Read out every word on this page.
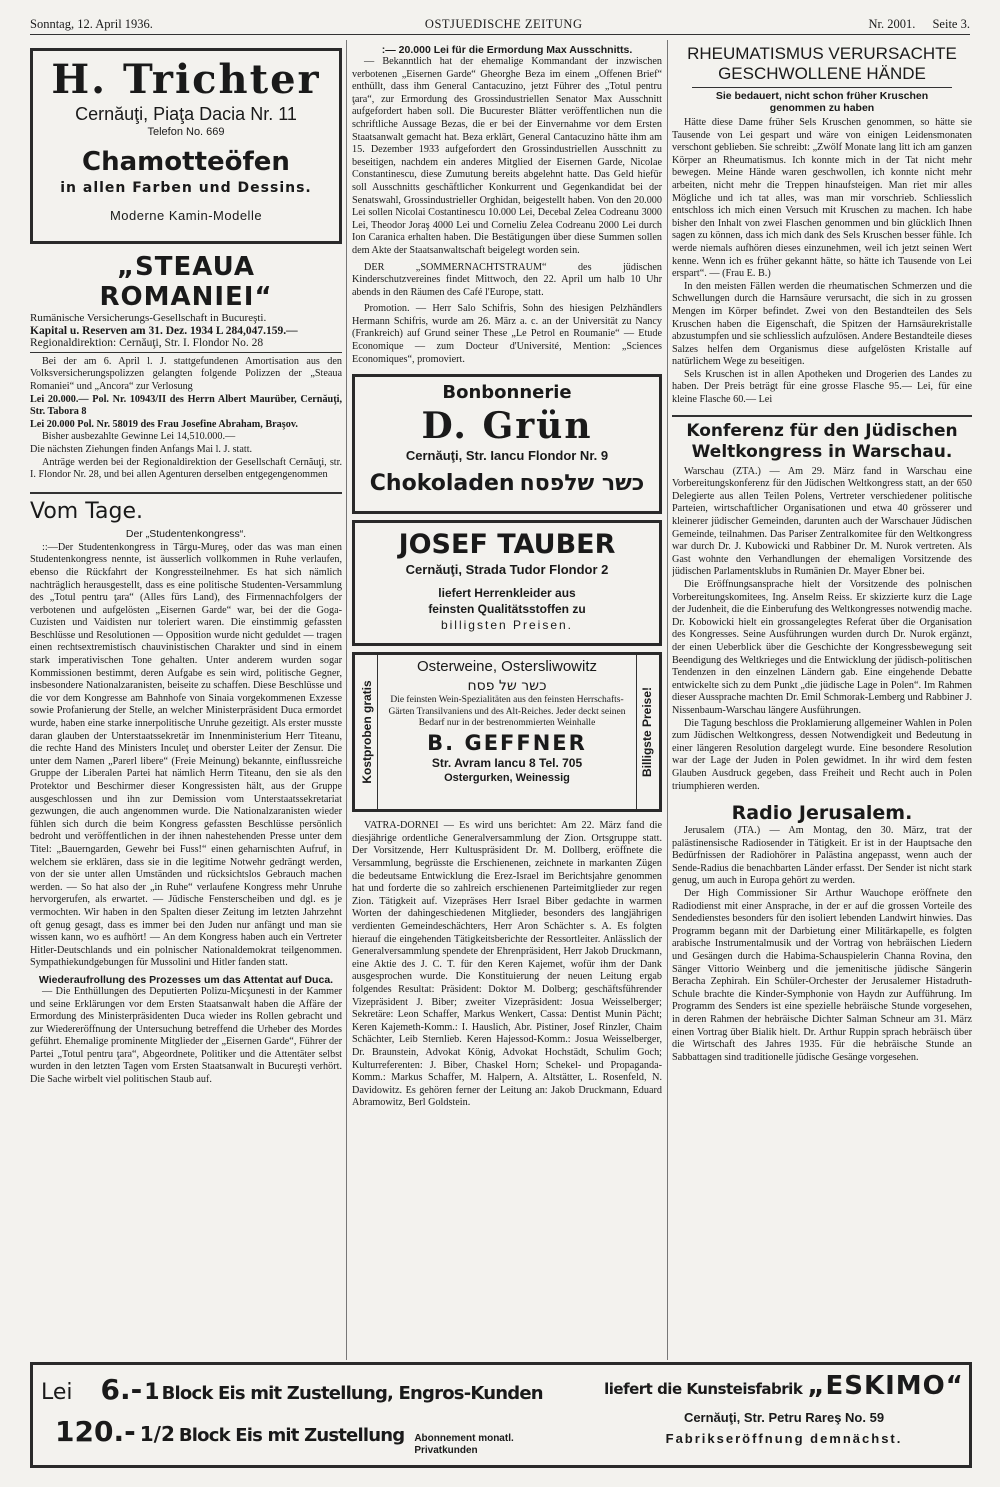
Sonntag, 12. April 1936.	OSTJUEDISCHE ZEITUNG	Nr. 2001. Seite 3.
H. Trichter
Cernăuţi, Piaţa Dacia Nr. 11
Telefon No. 669
Chamotteöfen
in allen Farben und Dessins.
Moderne Kamin-Modelle
„STEAUA ROMANIEI“

Rumänische Versicherungs-Gesellschaft in Bucureşti.

Kapital u. Reserven am 31. Dez. 1934 L 284,047.159.—

Regionaldirektion: Cernăuţi, Str. I. Flondor No. 28

Bei der am 6. April l. J. stattgefundenen Amortisation aus den Volksversicherungspolizzen gelangten folgende Polizzen der „Steaua Romaniei“ und „Ancora“ zur Verlosung

Lei 20.000.— Pol. Nr. 10943/II des Herrn Albert Maurüber, Cernăuţi, Str. Tabora 8

Lei 20.000 Pol. Nr. 58019 des Frau Josefine Abraham, Braşov.

Bisher ausbezahlte Gewinne Lei 14,510.000.—

Die nächsten Ziehungen finden Anfangs Mai l. J. statt.

Anträge werden bei der Regionaldirektion der Gesellschaft Cernăuţi, str. I. Flondor Nr. 28, und bei allen Agenturen derselben entgegengenommen

Vom Tage.
Der „Studentenkongress“.

::—Der Studentenkongress in Târgu-Mureş, oder das was man einen Studentenkongress nennte, ist äusserlich vollkommen in Ruhe verlaufen, ebenso die Rückfahrt der Kongressteilnehmer. Es hat sich nämlich nachträglich herausgestellt, dass es eine politische Studenten-Versammlung des „Totul pentru ţara“ (Alles fürs Land), des Firmennachfolgers der verbotenen und aufgelösten „Eisernen Garde“ war, bei der die Goga-Cuzisten und Vaidisten nur toleriert waren. Die einstimmig gefassten Beschlüsse und Resolutionen — Opposition wurde nicht geduldet — tragen einen rechtsextremistisch chauvinistischen Charakter und sind in einem stark imperativischen Tone gehalten. Unter anderem wurden sogar Kommissionen bestimmt, deren Aufgabe es sein wird, politische Gegner, insbesondere Nationalzaranisten, beiseite zu schaffen. Diese Beschlüsse und die vor dem Kongresse am Bahnhofe von Sinaia vorgekommenen Exzesse sowie Profanierung der Stelle, an welcher Ministerpräsident Duca ermordet wurde, haben eine starke innerpolitische Unruhe gezeitigt. Als erster musste daran glauben der Unterstaatssekretär im Innenministerium Herr Titeanu, die rechte Hand des Ministers Inculeţ und oberster Leiter der Zensur. Die unter dem Namen „Parerl libere“ (Freie Meinung) bekannte, einflussreiche Gruppe der Liberalen Partei hat nämlich Herrn Titeanu, den sie als den Protektor und Beschirmer dieser Kongressisten hält, aus der Gruppe ausgeschlossen und ihn zur Demission vom Unterstaatssekretariat gezwungen, die auch angenommen wurde. Die Nationalzaranisten wieder fühlen sich durch die beim Kongress gefassten Beschlüsse persönlich bedroht und veröffentlichen in der ihnen nahestehenden Presse unter dem Titel: „Bauerngarden, Gewehr bei Fuss!“ einen geharnischten Aufruf, in welchem sie erklären, dass sie in die legitime Notwehr gedrängt werden, von der sie unter allen Umständen und rücksichtslos Gebrauch machen werden. — So hat also der „in Ruhe“ verlaufene Kongress mehr Unruhe hervorgerufen, als erwartet. — Jüdische Fensterscheiben und dgl. es je vermochten. Wir haben in den Spalten dieser Zeitung im letzten Jahrzehnt oft genug gesagt, dass es immer bei den Juden nur anfängt und man sie wissen kann, wo es aufhört! — An dem Kongress haben auch ein Vertreter Hitler-Deutschlands und ein polnischer Nationaldemokrat teilgenommen. Sympathiekundgebungen für Mussolini und Hitler fanden statt.

Wiederaufrollung des Prozesses um das Attentat auf Duca.

— Die Enthüllungen des Deputierten Polizu-Micşunesti in der Kammer und seine Erklärungen vor dem Ersten Staatsanwalt haben die Affäre der Ermordung des Ministerpräsidenten Duca wieder ins Rollen gebracht und zur Wiedereröffnung der Untersuchung betreffend die Urheber des Mordes geführt. Ehemalige prominente Mitglieder der „Eisernen Garde“, Führer der Partei „Totul pentru ţara“, Abgeordnete, Politiker und die Attentäter selbst wurden in den letzten Tagen vom Ersten Staatsanwalt in Bucureşti verhört. Die Sache wirbelt viel politischen Staub auf.

:— 20.000 Lei für die Ermordung Max Ausschnitts.

— Bekanntlich hat der ehemalige Kommandant der inzwischen verbotenen „Eisernen Garde“ Gheorghe Beza im einem „Offenen Brief“ enthüllt, dass ihm General Cantacuzino, jetzt Führer des „Totul pentru ţara“, zur Ermordung des Grossindustriellen Senator Max Ausschnitt aufgefordert haben soll. Die Bucurester Blätter veröffentlichen nun die schriftliche Aussage Bezas, die er bei der Einvernahme vor dem Ersten Staatsanwalt gemacht hat. Beza erklärt, General Cantacuzino hätte ihm am 15. Dezember 1933 aufgefordert den Grossindustriellen Ausschnitt zu beseitigen, nachdem ein anderes Mitglied der Eisernen Garde, Nicolae Constantinescu, diese Zumutung bereits abgelehnt hatte. Das Geld hiefür soll Ausschnitts geschäftlicher Konkurrent und Gegenkandidat bei der Senatswahl, Grossindustrieller Orghidan, beigestellt haben. Von den 20.000 Lei sollen Nicolai Costantinescu 10.000 Lei, Decebal Zelea Codreanu 3000 Lei, Theodor Joraş 4000 Lei und Corneliu Zelea Codreanu 2000 Lei durch Ion Caranica erhalten haben. Die Bestätigungen über diese Summen sollen dem Akte der Staatsanwaltschaft beigelegt worden sein.

DER „SOMMERNACHTSTRAUM“ des jüdischen Kinderschutzvereines findet Mittwoch, den 22. April um halb 10 Uhr abends in den Räumen des Café l'Europe, statt.

Promotion. — Herr Salo Schifris, Sohn des hiesigen Pelzhändlers Hermann Schifris, wurde am 26. März a. c. an der Universität zu Nancy (Frankreich) auf Grund seiner These „Le Petrol en Roumanie“ — Etude Economique — zum Docteur d'Université, Mention: „Sciences Economiques“, promoviert.

Bonbonnerie
D. Grün
Cernăuţi, Str. Iancu Flondor Nr. 9
Chokoladen כשר שלפסח
JOSEF TAUBER
Cernăuţi, Strada Tudor Flondor 2
liefert Herrenkleider aus
feinsten Qualitätsstoffen zu
billigsten Preisen.
Kostproben gratis	Billigste Preise!
Osterweine, Ostersliwowitz
כשר של פסח

Die feinsten Wein-Spezialitäten aus den feinsten Herrschafts-Gärten Transilvaniens und des Alt-Reiches. Jeder deckt seinen Bedarf nur in der bestrenommierten Weinhalle

B. GEFFNER
Str. Avram Iancu 8 Tel. 705
Ostergurken, Weinessig

VATRA-DORNEI — Es wird uns berichtet: Am 22. März fand die diesjährige ordentliche Generalversammlung der Zion. Ortsgruppe statt. Der Vorsitzende, Herr Kultuspräsident Dr. M. Dollberg, eröffnete die Versammlung, begrüsste die Erschienenen, zeichnete in markanten Zügen die bedeutsame Entwicklung die Erez-Israel im Berichtsjahre genommen hat und forderte die so zahlreich erschienenen Parteimitglieder zur regen Zion. Tätigkeit auf. Vizepräses Herr Israel Biber gedachte in warmen Worten der dahingeschiedenen Mitglieder, besonders des langjährigen verdienten Gemeindeschächters, Herr Aron Schächter s. A. Es folgten hierauf die eingehenden Tätigkeitsberichte der Ressortleiter. Anlässlich der Generalversammlung spendete der Ehrenpräsident, Herr Jakob Druckmann, eine Aktie des J. C. T. für den Keren Kajemet, wofür ihm der Dank ausgesprochen wurde. Die Konstituierung der neuen Leitung ergab folgendes Resultat: Präsident: Doktor M. Dolberg; geschäftsführender Vizepräsident J. Biber; zweiter Vizepräsident: Josua Weisselberger; Sekretäre: Leon Schaffer, Markus Wenkert, Cassa: Dentist Munin Pächt; Keren Kajemeth-Komm.: I. Hauslich, Abr. Pistiner, Josef Rinzler, Chaim Schächter, Leib Sternlieb. Keren Hajessod-Komm.: Josua Weisselberger, Dr. Braunstein, Advokat König, Advokat Hochstädt, Schulim Goch; Kulturreferenten: J. Biber, Chaskel Horn; Schekel- und Propaganda-Komm.: Markus Schaffer, M. Halpern, A. Altstätter, L. Rosenfeld, N. Davidowitz. Es gehören ferner der Leitung an: Jakob Druckmann, Eduard Abramowitz, Berl Goldstein.

RHEUMATISMUS VERURSACHTE GESCHWOLLENE HÄNDE
Sie bedauert, nicht schon früher Kruschen genommen zu haben

Hätte diese Dame früher Sels Kruschen genommen, so hätte sie Tausende von Lei gespart und wäre von einigen Leidensmonaten verschont geblieben. Sie schreibt: „Zwölf Monate lang litt ich am ganzen Körper an Rheumatismus. Ich konnte mich in der Tat nicht mehr bewegen. Meine Hände waren geschwollen, ich konnte nicht mehr arbeiten, nicht mehr die Treppen hinaufsteigen. Man riet mir alles Mögliche und ich tat alles, was man mir vorschrieb. Schliesslich entschloss ich mich einen Versuch mit Kruschen zu machen. Ich habe bisher den Inhalt von zwei Flaschen genommen und bin glücklich Ihnen sagen zu können, dass ich mich dank des Sels Kruschen besser fühle. Ich werde niemals aufhören dieses einzunehmen, weil ich jetzt seinen Wert kenne. Wenn ich es früher gekannt hätte, so hätte ich Tausende von Lei erspart“. — (Frau E. B.)

In den meisten Fällen werden die rheumatischen Schmerzen und die Schwellungen durch die Harnsäure verursacht, die sich in zu grossen Mengen im Körper befindet. Zwei von den Bestandteilen des Sels Kruschen haben die Eigenschaft, die Spitzen der Harnsäurekristalle abzustumpfen und sie schliesslich aufzulösen. Andere Bestandteile dieses Salzes helfen dem Organismus diese aufgelösten Kristalle auf natürlichem Wege zu beseitigen.

Sels Kruschen ist in allen Apotheken und Drogerien des Landes zu haben. Der Preis beträgt für eine grosse Flasche 95.— Lei, für eine kleine Flasche 60.— Lei

Konferenz für den Jüdischen Weltkongress in Warschau.

Warschau (ZTA.) — Am 29. März fand in Warschau eine Vorbereitungskonferenz für den Jüdischen Weltkongress statt, an der 650 Delegierte aus allen Teilen Polens, Vertreter verschiedener politische Parteien, wirtschaftlicher Organisationen und etwa 40 grösserer und kleinerer jüdischer Gemeinden, darunten auch der Warschauer Jüdischen Gemeinde, teilnahmen. Das Pariser Zentralkomitee für den Weltkongress war durch Dr. J. Kubowicki und Rabbiner Dr. M. Nurok vertreten. Als Gast wohnte den Verhandlungen der ehemaligen Vorsitzende des jüdischen Parlamentsklubs in Rumänien Dr. Mayer Ebner bei.

Die Eröffnungsansprache hielt der Vorsitzende des polnischen Vorbereitungskomitees, Ing. Anselm Reiss. Er skizzierte kurz die Lage der Judenheit, die die Einberufung des Weltkongresses notwendig mache. Dr. Kobowicki hielt ein grossangelegtes Referat über die Organisation des Kongresses. Seine Ausführungen wurden durch Dr. Nurok ergänzt, der einen Ueberblick über die Geschichte der Kongressbewegung seit Beendigung des Weltkrieges und die Entwicklung der jüdisch-politischen Tendenzen in den einzelnen Ländern gab. Eine eingehende Debatte entwickelte sich zu dem Punkt „die jüdische Lage in Polen“. Im Rahmen dieser Aussprache machten Dr. Emil Schmorak-Lemberg und Rabbiner J. Nissenbaum-Warschau längere Ausführungen.

Die Tagung beschloss die Proklamierung allgemeiner Wahlen in Polen zum Jüdischen Weltkongress, dessen Notwendigkeit und Bedeutung in einer längeren Resolution dargelegt wurde. Eine besondere Resolution war der Lage der Juden in Polen gewidmet. In ihr wird dem festen Glauben Ausdruck gegeben, dass Freiheit und Recht auch in Polen triumphieren werden.

Radio Jerusalem.

Jerusalem (JTA.) — Am Montag, den 30. März, trat der palästinensische Radiosender in Tätigkeit. Er ist in der Hauptsache den Bedürfnissen der Radiohörer in Palästina angepasst, wenn auch der Sende-Radius die benachbarten Länder erfasst. Der Sender ist nicht stark genug, um auch in Europa gehört zu werden.

Der High Commissioner Sir Arthur Wauchope eröffnete den Radiodienst mit einer Ansprache, in der er auf die grossen Vorteile des Sendedienstes besonders für den isoliert lebenden Landwirt hinwies. Das Programm begann mit der Darbietung einer Militärkapelle, es folgten arabische Instrumentalmusik und der Vortrag von hebräischen Liedern und Gesängen durch die Habima-Schauspielerin Channa Rovina, den Sänger Vittorio Weinberg und die jemenitische jüdische Sängerin Beracha Zephirah. Ein Schüler-Orchester der Jerusalemer Histadruth-Schule brachte die Kinder-Symphonie von Haydn zur Aufführung. Im Programm des Senders ist eine spezielle hebräische Stunde vorgesehen, in deren Rahmen der hebräische Dichter Salman Schneur am 31. März einen Vortrag über Bialik hielt. Dr. Arthur Ruppin sprach hebräisch über die Wirtschaft des Jahres 1935. Für die hebräische Stunde an Sabbattagen sind traditionelle jüdische Gesänge vorgesehen.

Lei 6.- 1 Block Eis mit Zustellung, Engros-Kunden
120.- 1/2 Block Eis mit Zustellung Abonnement monatl. Privatkunden
liefert die Kunsteisfabrik „ESKIMO“
Cernăuţi, Str. Petru Rareş No. 59
Fabrikseröffnung demnächst.
